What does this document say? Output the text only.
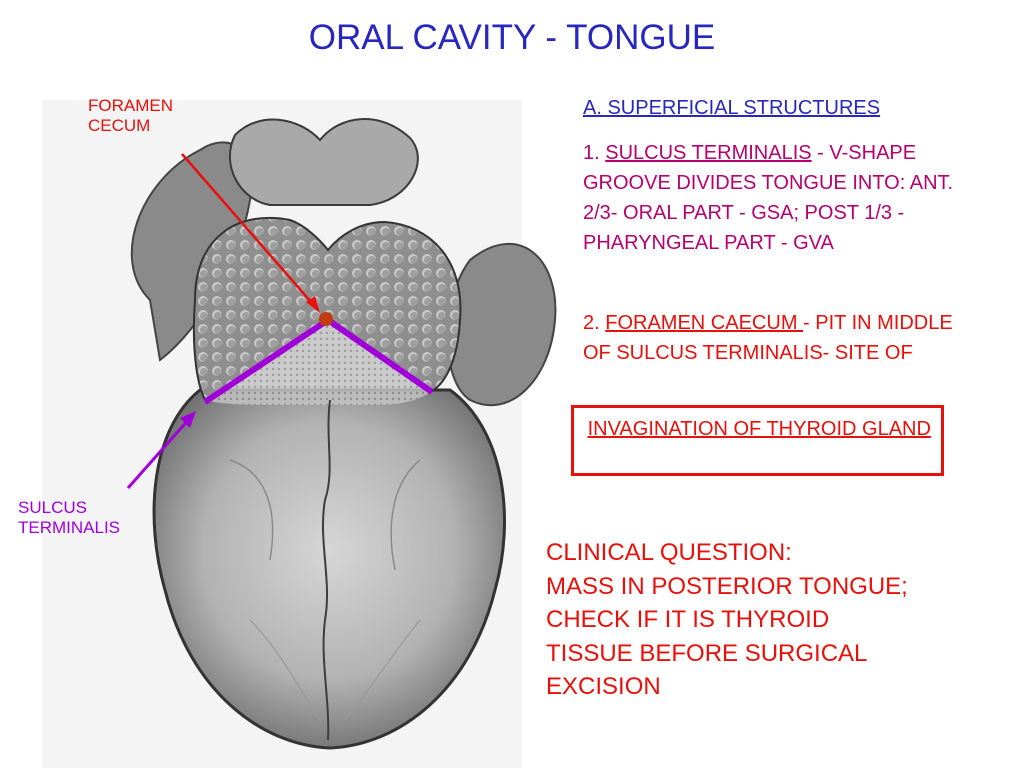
ORAL CAVITY - TONGUE
FORAMEN
CECUM
SULCUS
TERMINALIS
A. SUPERFICIAL STRUCTURES
1. SULCUS TERMINALIS - V-SHAPE GROOVE DIVIDES TONGUE INTO: ANT. 2/3- ORAL PART - GSA; POST 1/3 - PHARYNGEAL PART - GVA
2. FORAMEN CAECUM - PIT IN MIDDLE OF SULCUS TERMINALIS- SITE OF
INVAGINATION OF THYROID GLAND
CLINICAL QUESTION:
MASS IN POSTERIOR TONGUE;
CHECK IF IT IS THYROID
TISSUE BEFORE SURGICAL
EXCISION
